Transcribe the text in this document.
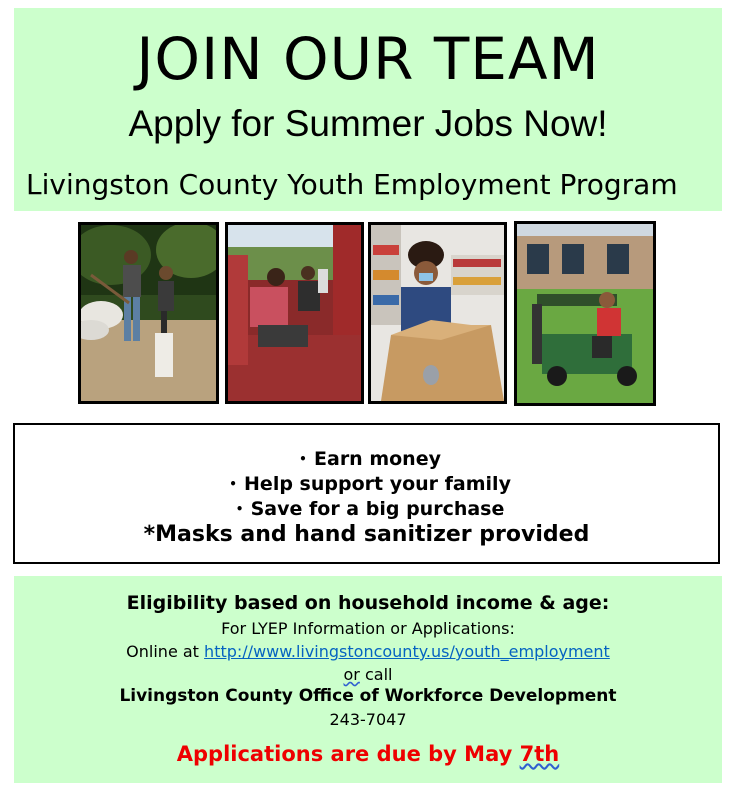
JOIN OUR TEAM
Apply for Summer Jobs Now!
Livingston County Youth Employment Program
• Earn money
• Help support your family
• Save for a big purchase
*Masks and hand sanitizer provided
Eligibility based on household income & age:
For LYEP Information or Applications:
Online at http://www.livingstoncounty.us/youth_employment
or call
Livingston County Office of Workforce Development
243-7047
Applications are due by May 7th
